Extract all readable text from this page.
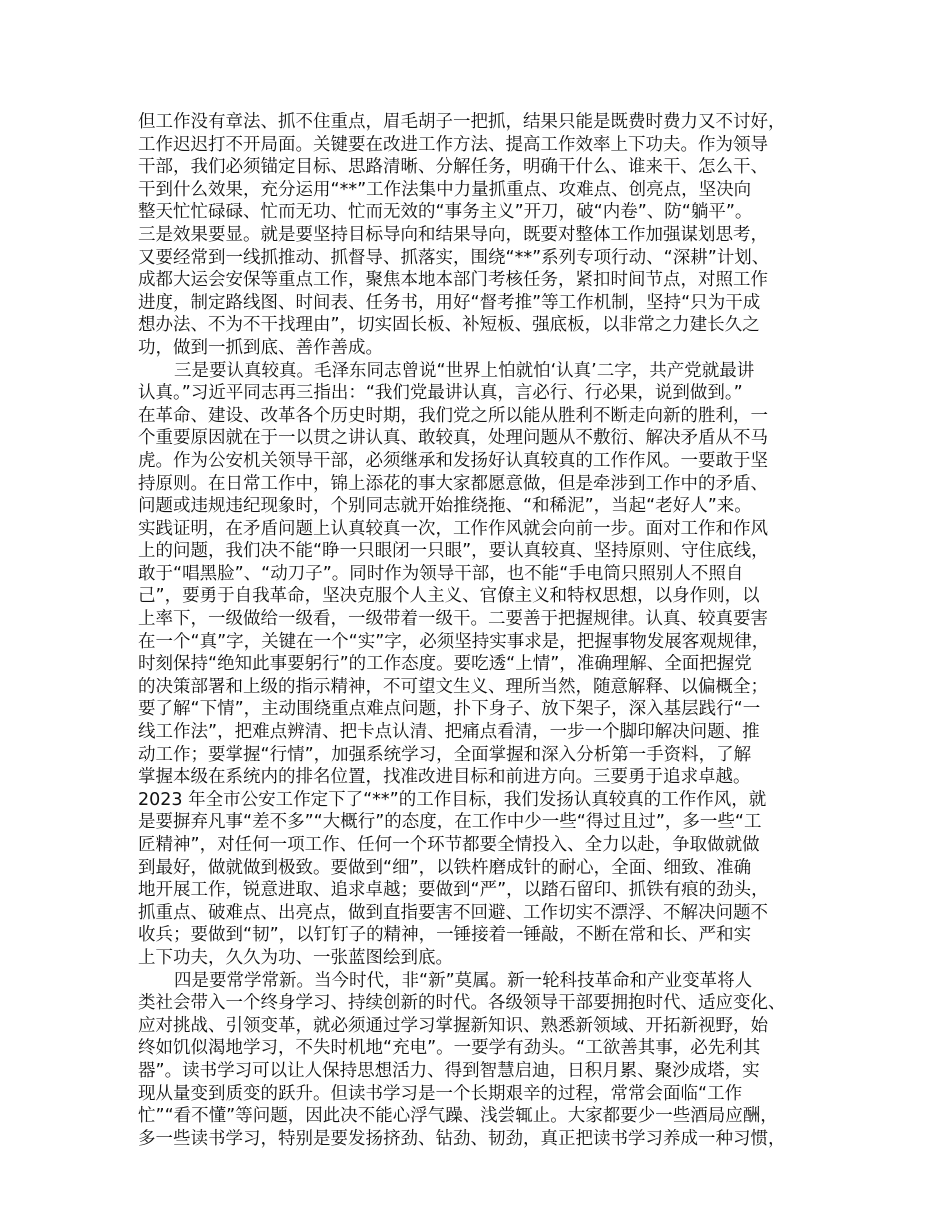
但工作没有章法、抓不住重点，眉毛胡子一把抓，结果只能是既费时费力又不讨好，
工作迟迟打不开局面。关键要在改进工作方法、提高工作效率上下功夫。作为领导
干部，我们必须锚定目标、思路清晰、分解任务，明确干什么、谁来干、怎么干、
干到什么效果，充分运用“**”工作法集中力量抓重点、攻难点、创亮点，坚决向
整天忙忙碌碌、忙而无功、忙而无效的“事务主义”开刀，破“内卷”、防“躺平”。
三是效果要显。就是要坚持目标导向和结果导向，既要对整体工作加强谋划思考，
又要经常到一线抓推动、抓督导、抓落实，围绕“**”系列专项行动、“深耕”计划、
成都大运会安保等重点工作，聚焦本地本部门考核任务，紧扣时间节点，对照工作
进度，制定路线图、时间表、任务书，用好“督考推”等工作机制，坚持“只为干成
想办法、不为不干找理由”，切实固长板、补短板、强底板，以非常之力建长久之
功，做到一抓到底、善作善成。
三是要认真较真。毛泽东同志曾说“世界上怕就怕‘认真’二字，共产党就最讲
认真。”习近平同志再三指出：“我们党最讲认真，言必行、行必果，说到做到。”
在革命、建设、改革各个历史时期，我们党之所以能从胜利不断走向新的胜利，一
个重要原因就在于一以贯之讲认真、敢较真，处理问题从不敷衍、解决矛盾从不马
虎。作为公安机关领导干部，必须继承和发扬好认真较真的工作作风。一要敢于坚
持原则。在日常工作中，锦上添花的事大家都愿意做，但是牵涉到工作中的矛盾、
问题或违规违纪现象时，个别同志就开始推绕拖、“和稀泥”，当起“老好人”来。
实践证明，在矛盾问题上认真较真一次，工作作风就会向前一步。面对工作和作风
上的问题，我们决不能“睁一只眼闭一只眼”，要认真较真、坚持原则、守住底线，
敢于“唱黑脸”、“动刀子”。同时作为领导干部，也不能“手电筒只照别人不照自
己”，要勇于自我革命，坚决克服个人主义、官僚主义和特权思想，以身作则，以
上率下，一级做给一级看，一级带着一级干。二要善于把握规律。认真、较真要害
在一个“真”字，关键在一个“实”字，必须坚持实事求是，把握事物发展客观规律，
时刻保持“绝知此事要躬行”的工作态度。要吃透“上情”，准确理解、全面把握党
的决策部署和上级的指示精神，不可望文生义、理所当然，随意解释、以偏概全；
要了解“下情”，主动围绕重点难点问题，扑下身子、放下架子，深入基层践行“一
线工作法”，把难点辨清、把卡点认清、把痛点看清，一步一个脚印解决问题、推
动工作；要掌握“行情”，加强系统学习，全面掌握和深入分析第一手资料，了解
掌握本级在系统内的排名位置，找准改进目标和前进方向。三要勇于追求卓越。
2023 年全市公安工作定下了“**”的工作目标，我们发扬认真较真的工作作风，就
是要摒弃凡事“差不多”“大概行”的态度，在工作中少一些“得过且过”，多一些“工
匠精神”，对任何一项工作、任何一个环节都要全情投入、全力以赴，争取做就做
到最好，做就做到极致。要做到“细”，以铁杵磨成针的耐心，全面、细致、准确
地开展工作，锐意进取、追求卓越；要做到“严”，以踏石留印、抓铁有痕的劲头，
抓重点、破难点、出亮点，做到直指要害不回避、工作切实不漂浮、不解决问题不
收兵；要做到“韧”，以钉钉子的精神，一锤接着一锤敲，不断在常和长、严和实
上下功夫，久久为功、一张蓝图绘到底。
四是要常学常新。当今时代，非“新”莫属。新一轮科技革命和产业变革将人
类社会带入一个终身学习、持续创新的时代。各级领导干部要拥抱时代、适应变化、
应对挑战、引领变革，就必须通过学习掌握新知识、熟悉新领域、开拓新视野，始
终如饥似渴地学习，不失时机地“充电”。一要学有劲头。“工欲善其事，必先利其
器”。读书学习可以让人保持思想活力、得到智慧启迪，日积月累、聚沙成塔，实
现从量变到质变的跃升。但读书学习是一个长期艰辛的过程，常常会面临“工作
忙”“看不懂”等问题，因此决不能心浮气躁、浅尝辄止。大家都要少一些酒局应酬，
多一些读书学习，特别是要发扬挤劲、钻劲、韧劲，真正把读书学习养成一种习惯，
